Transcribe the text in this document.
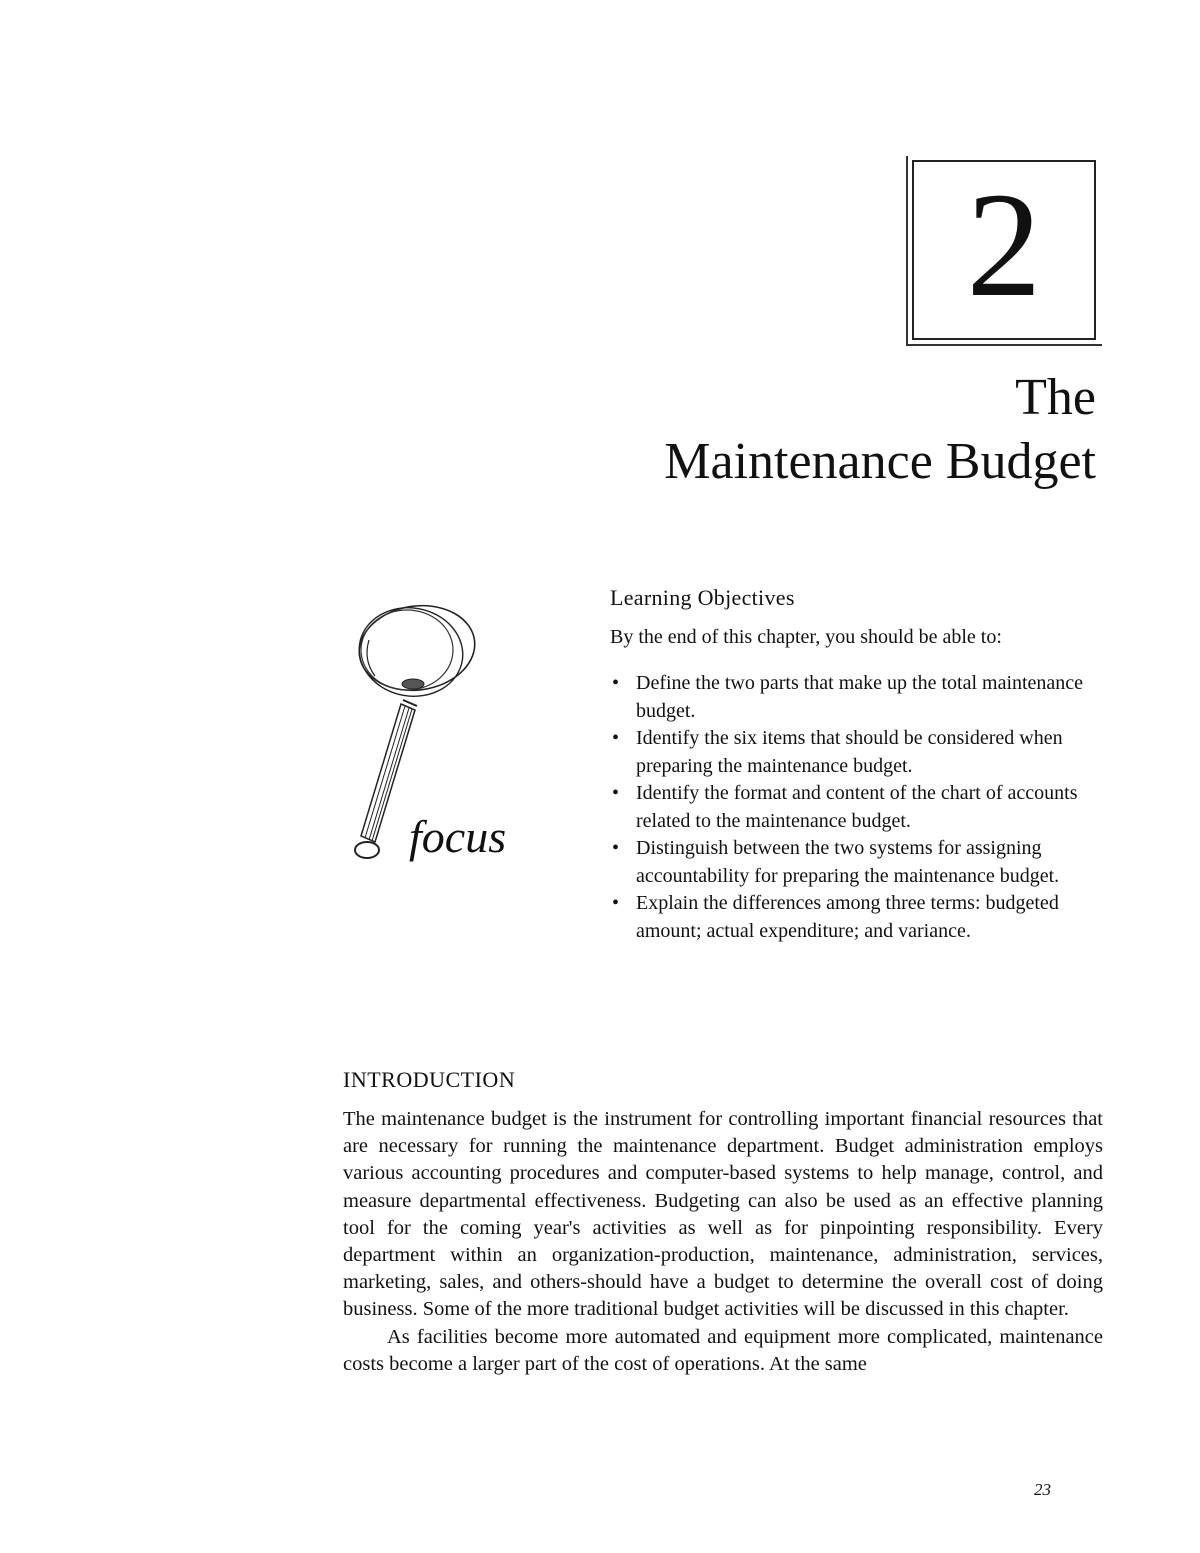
2
The
Maintenance Budget
focus
Learning Objectives
By the end of this chapter, you should be able to:
• Define the two parts that make up the total maintenance budget.
• Identify the six items that should be considered when preparing the maintenance budget.
• Identify the format and content of the chart of accounts related to the maintenance budget.
• Distinguish between the two systems for assigning accountability for preparing the maintenance budget.
• Explain the differences among three terms: budgeted amount; actual expenditure; and variance.
INTRODUCTION

The maintenance budget is the instrument for controlling important financial resources that are necessary for running the maintenance department. Budget administration employs various accounting procedures and computer-based systems to help manage, control, and measure departmental effectiveness. Budgeting can also be used as an effective planning tool for the coming year's activities as well as for pinpointing responsibility. Every department within an organization-production, maintenance, administration, services, marketing, sales, and others-should have a budget to determine the overall cost of doing business. Some of the more traditional budget activities will be discussed in this chapter.

As facilities become more automated and equipment more complicated, maintenance costs become a larger part of the cost of operations. At the same

23
